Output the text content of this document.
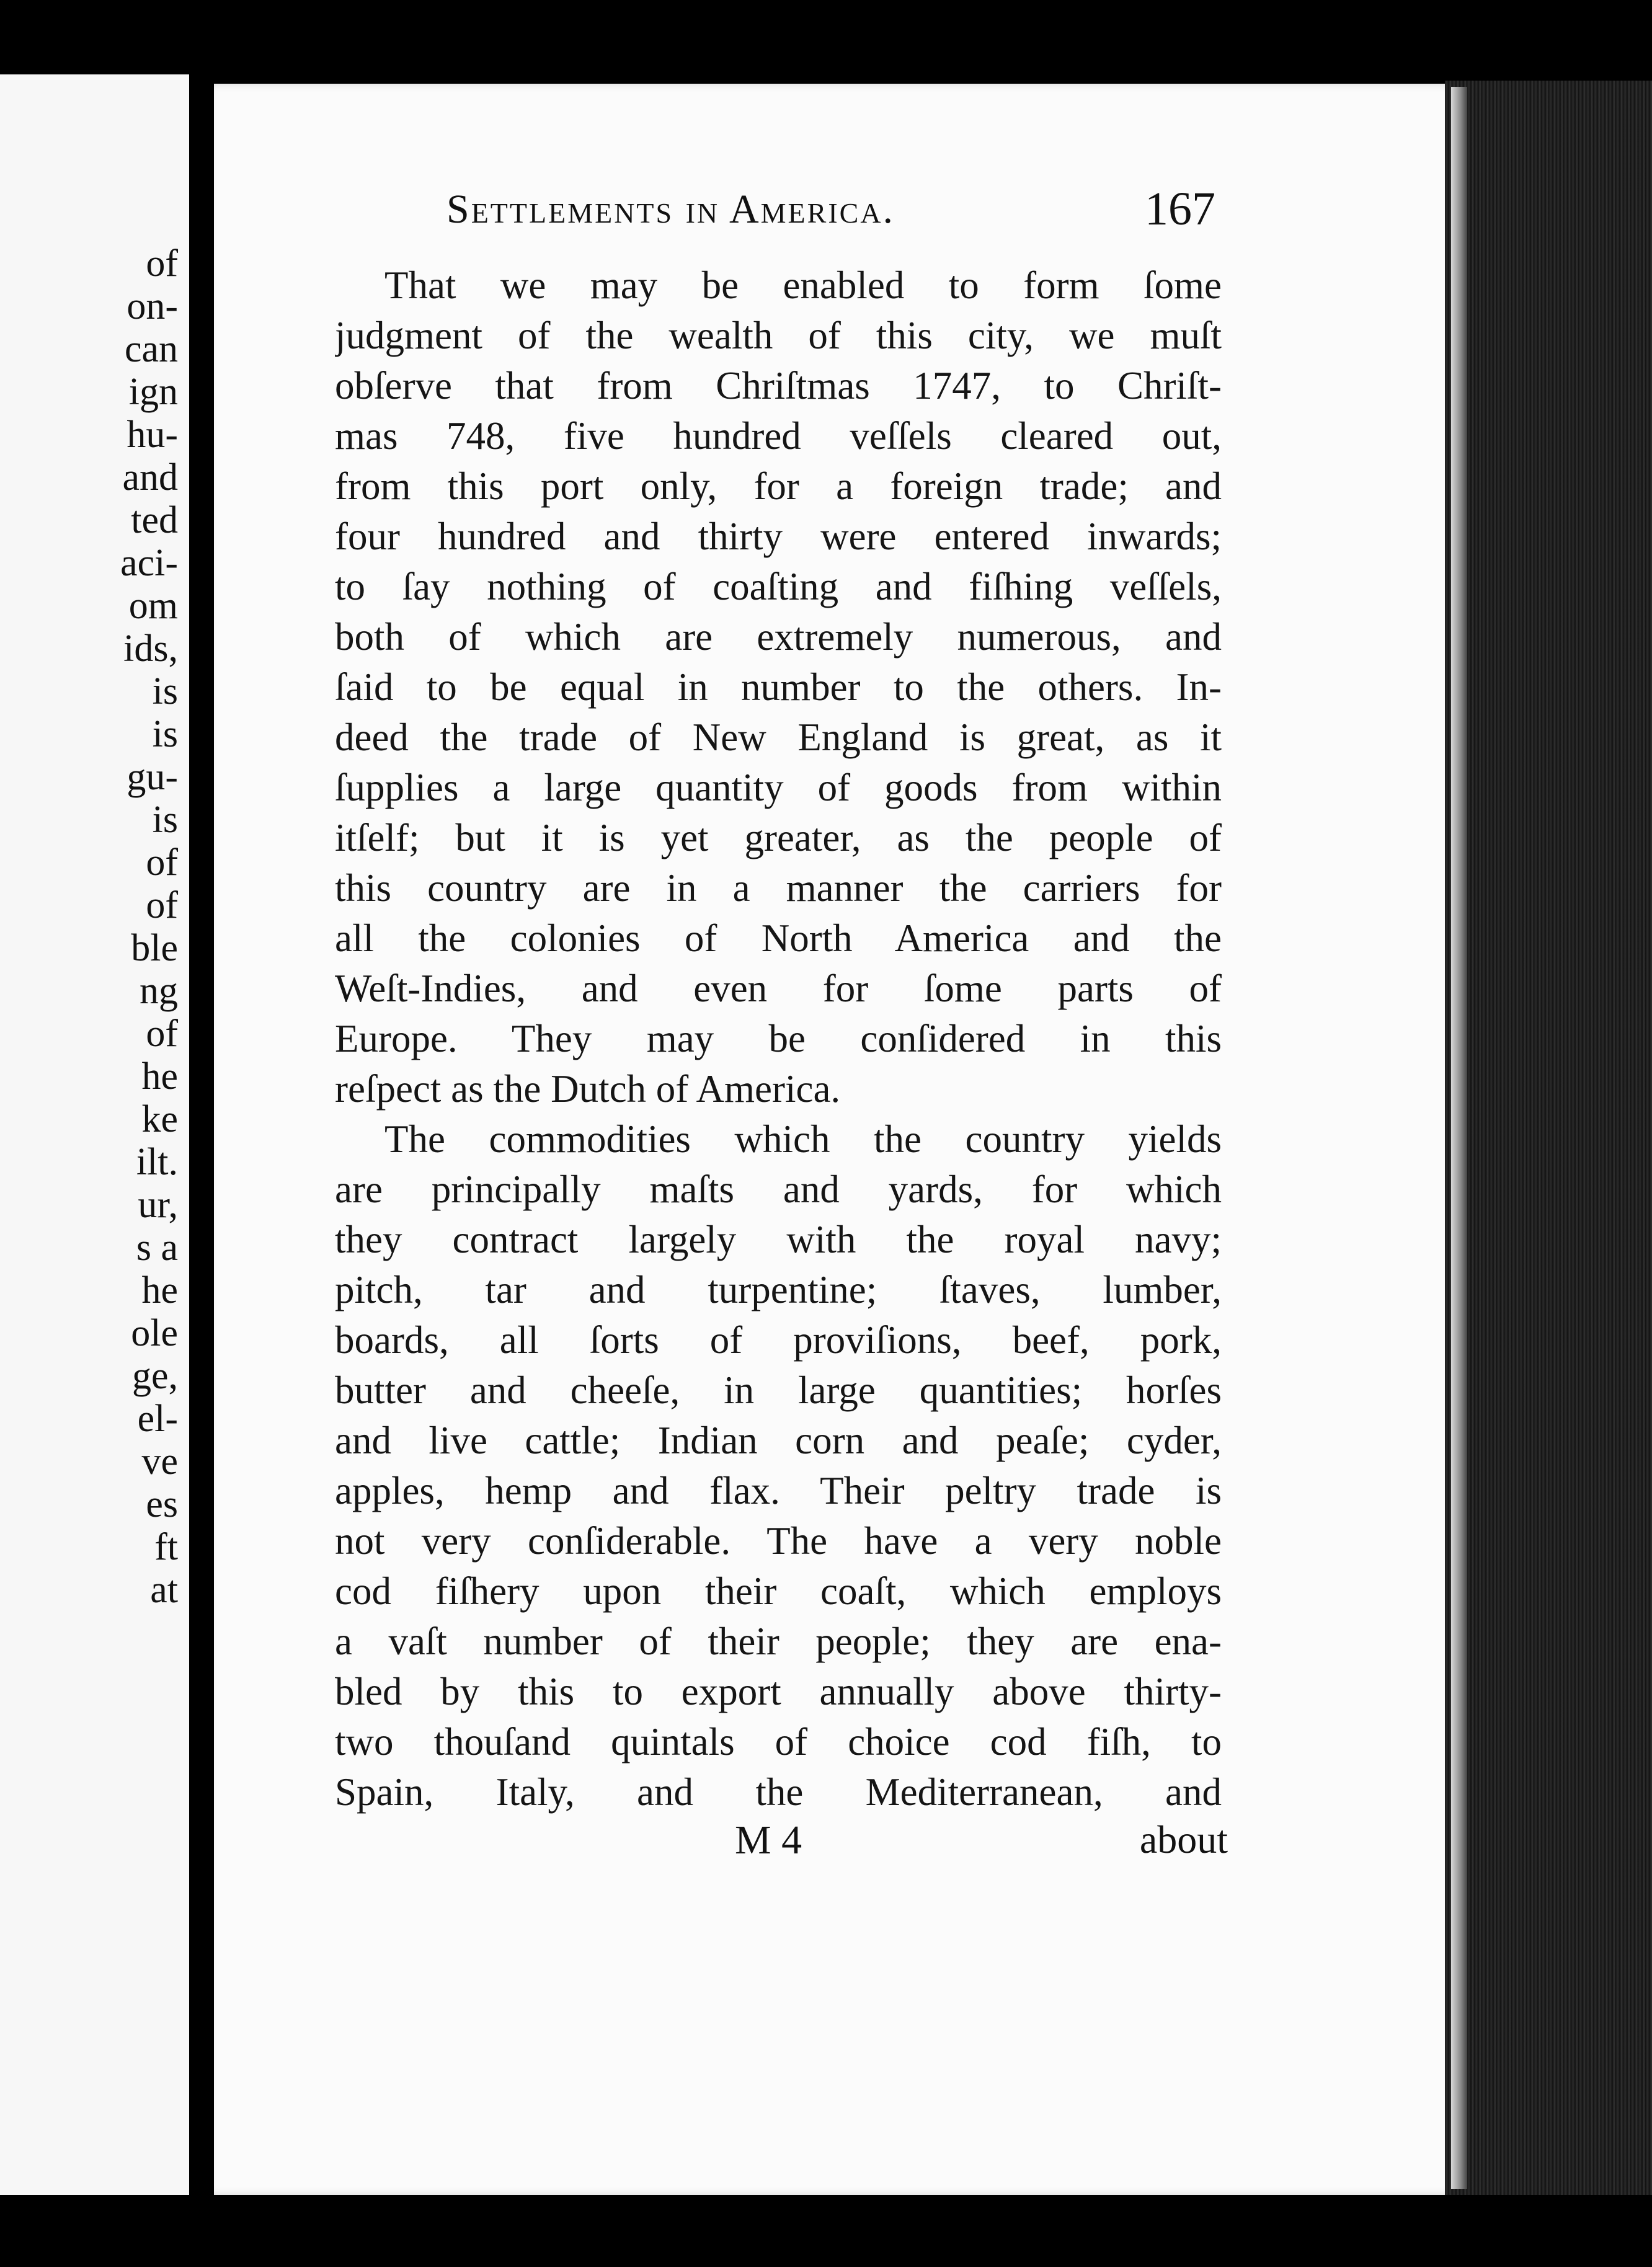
of
on-
can
ign
hu-
and
ted
aci-
om
ids,
is
is
gu-
is
of
of
ble
ng
of
he
ke
ilt.
ur,
s a
he
ole
ge,
el-
ve
es
ft
at
Settlements in America.	167
That we may be enabled to form ſome
judgment of the wealth of this city, we muſt
obſerve that from Chriſtmas 1747, to Chriſt-
mas 748, five hundred veſſels cleared out,
from this port only, for a foreign trade; and
four hundred and thirty were entered inwards;
to ſay nothing of coaſting and fiſhing veſſels,
both of which are extremely numerous, and
ſaid to be equal in number to the others. In-
deed the trade of New England is great, as it
ſupplies a large quantity of goods from within
itſelf; but it is yet greater, as the people of
this country are in a manner the carriers for
all the colonies of North America and the
Weſt-Indies, and even for ſome parts of
Europe. They may be conſidered in this
reſpect as the Dutch of America.
The commodities which the country yields
are principally maſts and yards, for which
they contract largely with the royal navy;
pitch, tar and turpentine; ſtaves, lumber,
boards, all ſorts of proviſions, beef, pork,
butter and cheeſe, in large quantities; horſes
and live cattle; Indian corn and peaſe; cyder,
apples, hemp and flax. Their peltry trade is
not very conſiderable. The have a very noble
cod fiſhery upon their coaſt, which employs
a vaſt number of their people; they are ena-
bled by this to export annually above thirty-
two thouſand quintals of choice cod fiſh, to
Spain, Italy, and the Mediterranean, and
M 4	about
